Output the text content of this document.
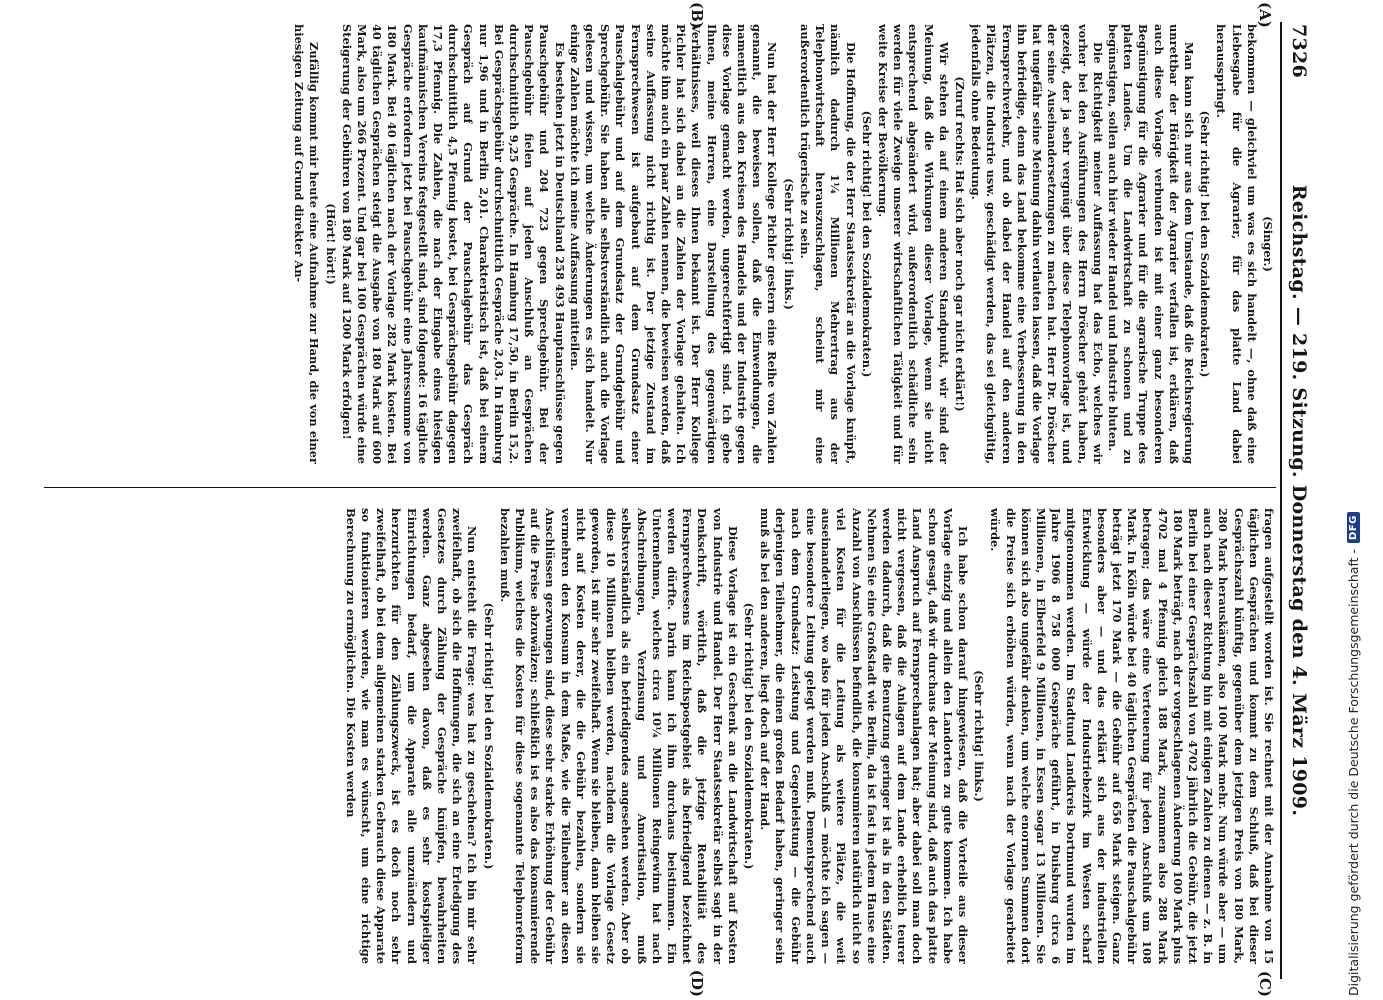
7326
Reichstag. — 219. Sitzung. Donnerstag den 4. März 1909.
(A)
(B)
(C)
(D)

(Singer.)

bekommen — gleichviel um was es sich handelt —, ohne daß eine Liebesgabe für die Agrarier, für das platte Land dabei herausspringt.

(Sehr richtig! bei den Sozialdemokraten.)

Man kann sich nur aus dem Umstande, daß die Reichsregierung unrettbar der Hörigkeit der Agrarier verfallen ist, erklären, daß auch diese Vorlage verbunden ist mit einer ganz besonderen Begünstigung für die Agrarier und für die agrarische Truppe des platten Landes. Um die Landwirtschaft zu schonen und zu begünstigen, sollen auch hier wieder Handel und Industrie bluten.

Die Richtigkeit meiner Auffassung hat das Echo, welches wir vorher bei den Ausführungen des Herrn Dröscher gehört haben, gezeigt, der ja sehr vergnügt über diese Telephonvorlage ist, und der seine Auseinandersetzungen zu machen hat. Herr Dr. Dröscher hat ungefähr seine Meinung dahin verlauten lassen, daß die Vorlage ihn befriedige, denn das Land bekomme eine Verbesserung in den Fernsprechverkehr, und ob dabei der Handel auf den anderen Plätzen, die Industrie usw. geschädigt werden, das sei gleichgültig, jedenfalls ohne Bedeutung.

(Zuruf rechts: Hat sich aber noch gar nicht erklärt!)

Wir stehen da auf einem anderen Standpunkt, wir sind der Meinung, daß die Wirkungen dieser Vorlage, wenn sie nicht entsprechend abgeändert wird, außerordentlich schädliche sein werden für viele Zweige unserer wirtschaftlichen Tätigkeit und für weite Kreise der Bevölkerung.

(Sehr richtig! bei den Sozialdemokraten.)

Die Hoffnung, die der Herr Staatssekretär an die Vorlage knüpft, nämlich dadurch 1¼ Millionen Mehrertrag aus der Telephonwirtschaft herauszuschlagen, scheint mir eine außerordentlich trügerische zu sein.

(Sehr richtig! links.)

Nun hat der Herr Kollege Pichler gestern eine Reihe von Zahlen genannt, die beweisen sollen, daß die Einwendungen, die namentlich aus den Kreisen des Handels und der Industrie gegen diese Vorlage gemacht werden, ungerechtfertigt sind. Ich gebe Ihnen, meine Herren, eine Darstellung des gegenwärtigen Verhältnisses, weil dieses Ihnen bekannt ist. Der Herr Kollege Pichler hat sich dabei an die Zahlen der Vorlage gehalten. Ich möchte ihm auch ein paar Zahlen nennen, die beweisen werden, daß seine Auffassung nicht richtig ist. Der jetzige Zustand im Fernsprechwesen ist aufgebaut auf dem Grundsatz einer Pauschalgebühr und auf dem Grundsatz der Grundgebühr und Sprechgebühr. Sie haben alle selbstverständlich auch die Vorlage gelesen und wissen, um welche Änderungen es sich handelt. Nur einige Zahlen möchte ich meine Auffassung mitteilen.

Es bestehen jetzt in Deutschland 258 493 Hauptanschlüsse gegen Pauschgebühr und 204 723 gegen Sprechgebühr. Bei der Pauschgebühr fielen auf jeden Anschluß an Gesprächen durchschnittlich 9,25 Gespräche. In Hamburg 17,50, in Berlin 15,2. Bei Gesprächsgebühr durchschnittlich Gespräche 2,03. In Hamburg nur 1,96 und in Berlin 2,01. Charakteristisch ist, daß bei einem Gespräch auf Grund der Pauschalgebühr das Gespräch durchschnittlich 4,5 Pfennig kostet, bei Gesprächsgebühr dagegen 17,3 Pfennig. Die Zahlen, die nach der Eingabe eines hiesigen kaufmännischen Vereins festgestellt sind, sind folgende: 16 tägliche Gespräche erfordern jetzt bei Pauschgebühr eine Jahressumme von 180 Mark. Bei 40 täglichen nach der Vorlage 282 Mark kosten. Bei 40 täglichen Gesprächen steigt die Ausgabe von 180 Mark auf 600 Mark, also um 266 Prozent. Und gar bei 100 Gesprächen würde eine Steigerung der Gebühren von 180 Mark auf 1200 Mark erfolgen!

(Hört! hört!)

Zufällig kommt mir heute eine Aufnahme zur Hand, die von einer hiesigen Zeitung auf Grund direkter An-

fragen aufgestellt worden ist. Sie rechnet mit der Annahme von 15 täglichen Gesprächen und kommt zu dem Schluß, daß bei dieser Gesprächszahl künftig, gegenüber dem jetzigen Preis von 180 Mark, 280 Mark herauskämen, also 100 Mark mehr. Nun würde aber — um auch nach dieser Richtung hin mit einigen Zahlen zu dienen — z. B. in Berlin bei einer Gesprächszahl von 4702 jährlich die Gebühr, die jetzt 180 Mark beträgt, nach der vorgeschlagenen Änderung 100 Mark plus 4702 mal 4 Pfennig gleich 188 Mark, zusammen also 288 Mark betragen; das wäre eine Verteuerung für jeden Anschluß um 108 Mark. In Köln würde bei 40 täglichen Gesprächen die Pauschalgebühr beträgt jetzt 170 Mark — die Gebühr auf 656 Mark steigen. Ganz besonders aber — und das erklärt sich aus der industriellen Entwicklung — würde der Industriebezirk im Westen scharf mitgenommen werden. Im Stadtund Landkreis Dortmund wurden im Jahre 1906 8 758 000 Gespräche geführt, in Duisburg circa 6 Millionen, in Elberfeld 9 Millionen, in Essen sogar 13 Millionen. Sie können sich also ungefähr denken, um welche enormen Summen dort die Preise sich erhöhen würden, wenn nach der Vorlage gearbeitet würde.

(Sehr richtig! links.)

Ich habe schon darauf hingewiesen, daß die Vorteile aus dieser Vorlage einzig und allein den Landorten zu gute kommen. Ich habe schon gesagt, daß wir durchaus der Meinung sind, daß auch das platte Land Anspruch auf Fernsprechanlagen hat; aber dabei soll man doch nicht vergessen, daß die Anlagen auf dem Lande erheblich teurer werden dadurch, daß die Benutzung geringer ist als in den Städten. Nehmen Sie eine Großstadt wie Berlin, da ist fast in jedem Hause eine Anzahl von Anschlüssen befindlich, die konsumieren natürlich nicht so viel Kosten für die Leitung als weitere Plätze, die weit auseinanderliegen, wo also für jeden Anschluß — möchte ich sagen — eine besondere Leitung gelegt werden muß. Dementsprechend auch nach dem Grundsatz: Leistung und Gegenleistung — die Gebühr derjenigen Teilnehmer, die einen großen Bedarf haben, geringer sein muß als bei den anderen, liegt doch auf der Hand.

(Sehr richtig! bei den Sozialdemokraten.)

Diese Vorlage ist ein Geschenk an die Landwirtschaft auf Kosten von Industrie und Handel. Der Herr Staatssekretär selbst sagt in der Denkschrift, wörtlich, daß die jetzige Rentabilität des Fernsprechwesens im Reichspostgebiet als befriedigend bezeichnet werden dürfte. Darin kann ich ihm durchaus beistimmen. Ein Unternehmen, welches circa 10¼ Millionen Reingewinn hat nach Abschreibungen, Verzinsung und Amortisation, muß selbstverständlich als ein befriedigendes angesehen werden. Aber ob diese 10 Millionen bleiben werden, nachdem die Vorlage Gesetz geworden, ist mir sehr zweifelhaft. Wenn sie bleiben, dann bleiben sie nicht auf Kosten derer, die die Gebühr bezahlen, sondern sie vermehren den Konsum in dem Maße, wie die Teilnehmer an diesen Anschlüssen gezwungen sind, diese sehr starke Erhöhung der Gebühr auf die Preise abzuwälzen; schließlich ist es also das konsumierende Publikum, welches die Kosten für diese sogenannte Telephonreform bezahlen muß.

(Sehr richtig! bei den Sozialdemokraten.)

Nun entsteht die Frage: was hat zu geschehen? Ich bin mir sehr zweifelhaft, ob sich die Hoffnungen, die sich an eine Erledigung des Gesetzes durch Zählung der Gespräche knüpfen, bewahrheiten werden. Ganz abgesehen davon, daß es sehr kostspieliger Einrichtungen bedarf, um die Apparate alle umzuändern und herzurichten für den Zählungszweck, ist es doch noch sehr zweifelhaft, ob bei dem allgemeinen starken Gebrauch diese Apparate so funktionieren werden, wie man es wünscht, um eine richtige Berechnung zu ermöglichen. Die Kosten werden	Digitalisierung gefördert durch die Deutsche Forschungsgemeinschaft -
DFG
